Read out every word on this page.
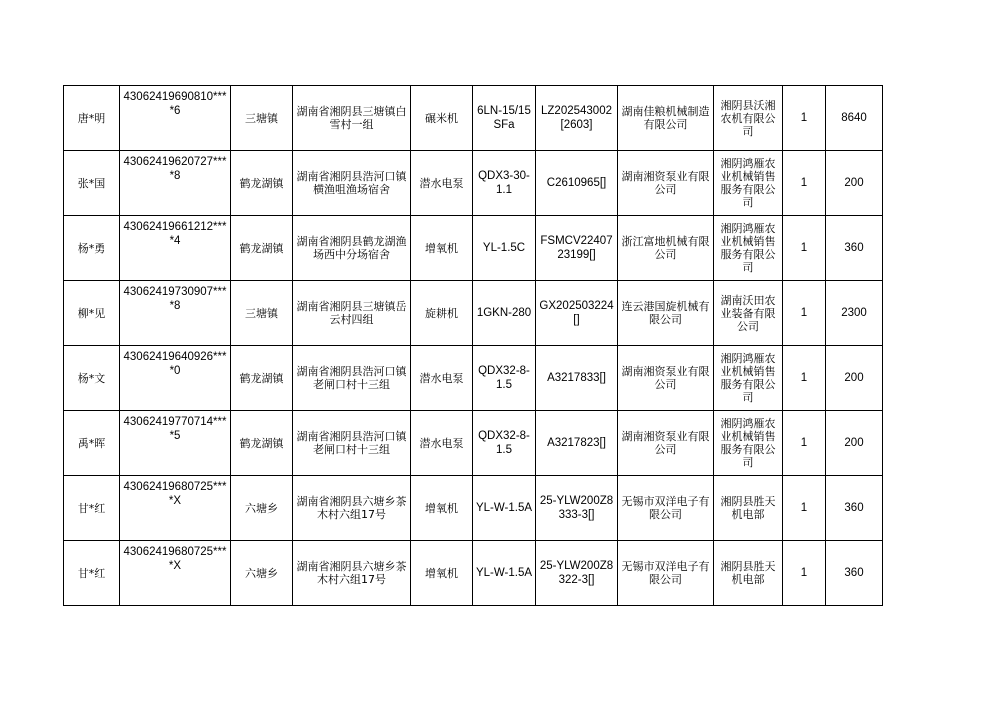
唐*明	43062419690810****6	三塘镇	湖南省湘阴县三塘镇白雪村一组	碾米机	6LN-15/15SFa	LZ202543002[2603]	湖南佳粮机械制造有限公司	湘阴县沃湘农机有限公司	1	8640
张*国	43062419620727****8	鹤龙湖镇	湖南省湘阴县浩河口镇横渔咀渔场宿舍	潜水电泵	QDX3-30-1.1	C2610965[]	湖南湘资泵业有限公司	湘阴鸿雁农业机械销售服务有限公司	1	200
杨*勇	43062419661212****4	鹤龙湖镇	湖南省湘阴县鹤龙湖渔场西中分场宿舍	增氧机	YL-1.5C	FSMCV2240723199[]	浙江富地机械有限公司	湘阴鸿雁农业机械销售服务有限公司	1	360
柳*见	43062419730907****8	三塘镇	湖南省湘阴县三塘镇岳云村四组	旋耕机	1GKN-280	GX202503224[]	连云港国旋机械有限公司	湖南沃田农业装备有限公司	1	2300
杨*文	43062419640926****0	鹤龙湖镇	湖南省湘阴县浩河口镇老闸口村十三组	潜水电泵	QDX32-8-1.5	A3217833[]	湖南湘资泵业有限公司	湘阴鸿雁农业机械销售服务有限公司	1	200
禹*晖	43062419770714****5	鹤龙湖镇	湖南省湘阴县浩河口镇老闸口村十三组	潜水电泵	QDX32-8-1.5	A3217823[]	湖南湘资泵业有限公司	湘阴鸿雁农业机械销售服务有限公司	1	200
甘*红	43062419680725****X	六塘乡	湖南省湘阴县六塘乡茶木村六组17号	增氧机	YL-W-1.5A	25-YLW200Z8333-3[]	无锡市双洋电子有限公司	湘阴县胜天机电部	1	360
甘*红	43062419680725****X	六塘乡	湖南省湘阴县六塘乡茶木村六组17号	增氧机	YL-W-1.5A	25-YLW200Z8322-3[]	无锡市双洋电子有限公司	湘阴县胜天机电部	1	360
